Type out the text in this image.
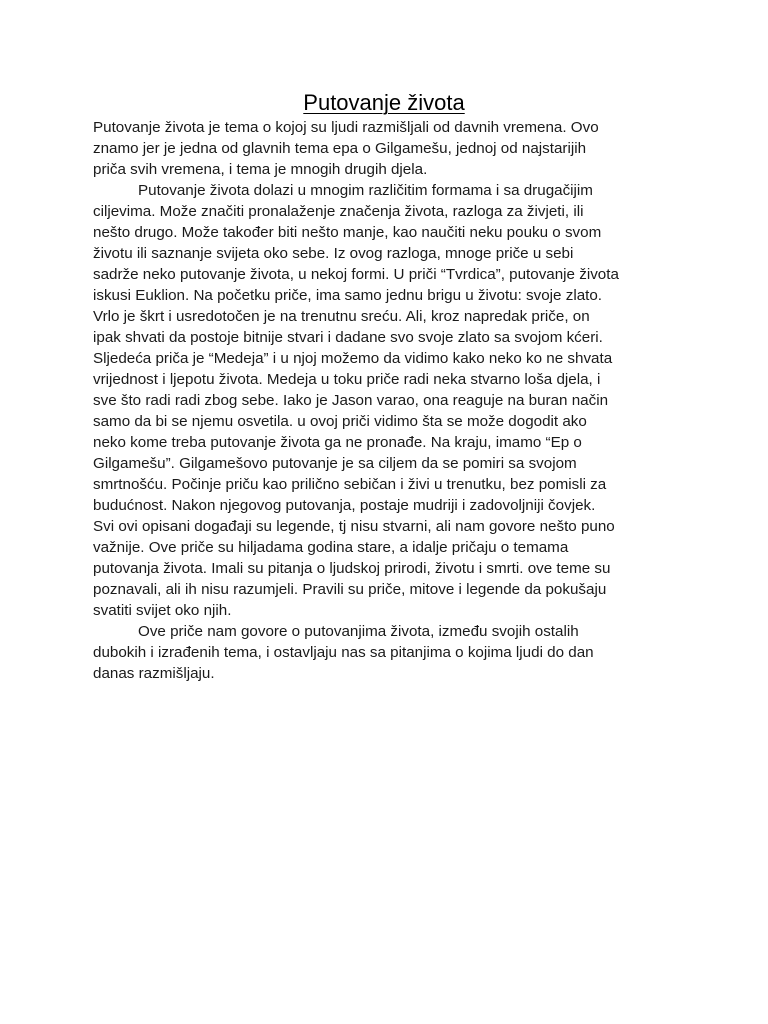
Putovanje života
Putovanje života je tema o kojoj su ljudi razmišljali od davnih vremena. Ovo
znamo jer je jedna od glavnih tema epa o Gilgamešu, jednoj od najstarijih
priča svih vremena, i tema je mnogih drugih djela.
Putovanje života dolazi u mnogim različitim formama i sa drugačijim
ciljevima. Može značiti pronalaženje značenja života, razloga za živjeti, ili
nešto drugo. Može također biti nešto manje, kao naučiti neku pouku o svom
životu ili saznanje svijeta oko sebe. Iz ovog razloga, mnoge priče u sebi
sadrže neko putovanje života, u nekoj formi. U priči “Tvrdica”, putovanje života
iskusi Euklion. Na početku priče, ima samo jednu brigu u životu: svoje zlato.
Vrlo je škrt i usredotočen je na trenutnu sreću. Ali, kroz napredak priče, on
ipak shvati da postoje bitnije stvari i dadane svo svoje zlato sa svojom kćeri.
Sljedeća priča je “Medeja” i u njoj možemo da vidimo kako neko ko ne shvata
vrijednost i ljepotu života. Medeja u toku priče radi neka stvarno loša djela, i
sve što radi radi zbog sebe. Iako je Jason varao, ona reaguje na buran način
samo da bi se njemu osvetila. u ovoj priči vidimo šta se može dogodit ako
neko kome treba putovanje života ga ne pronađe. Na kraju, imamo “Ep o
Gilgamešu”. Gilgamešovo putovanje je sa ciljem da se pomiri sa svojom
smrtnošću. Počinje priču kao prilično sebičan i živi u trenutku, bez pomisli za
budućnost. Nakon njegovog putovanja, postaje mudriji i zadovoljniji čovjek.
Svi ovi opisani događaji su legende, tj nisu stvarni, ali nam govore nešto puno
važnije. Ove priče su hiljadama godina stare, a idalje pričaju o temama
putovanja života. Imali su pitanja o ljudskoj prirodi, životu i smrti. ove teme su
poznavali, ali ih nisu razumjeli. Pravili su priče, mitove i legende da pokušaju
svatiti svijet oko njih.
Ove priče nam govore o putovanjima života, između svojih ostalih
dubokih i izrađenih tema, i ostavljaju nas sa pitanjima o kojima ljudi do dan
danas razmišljaju.
